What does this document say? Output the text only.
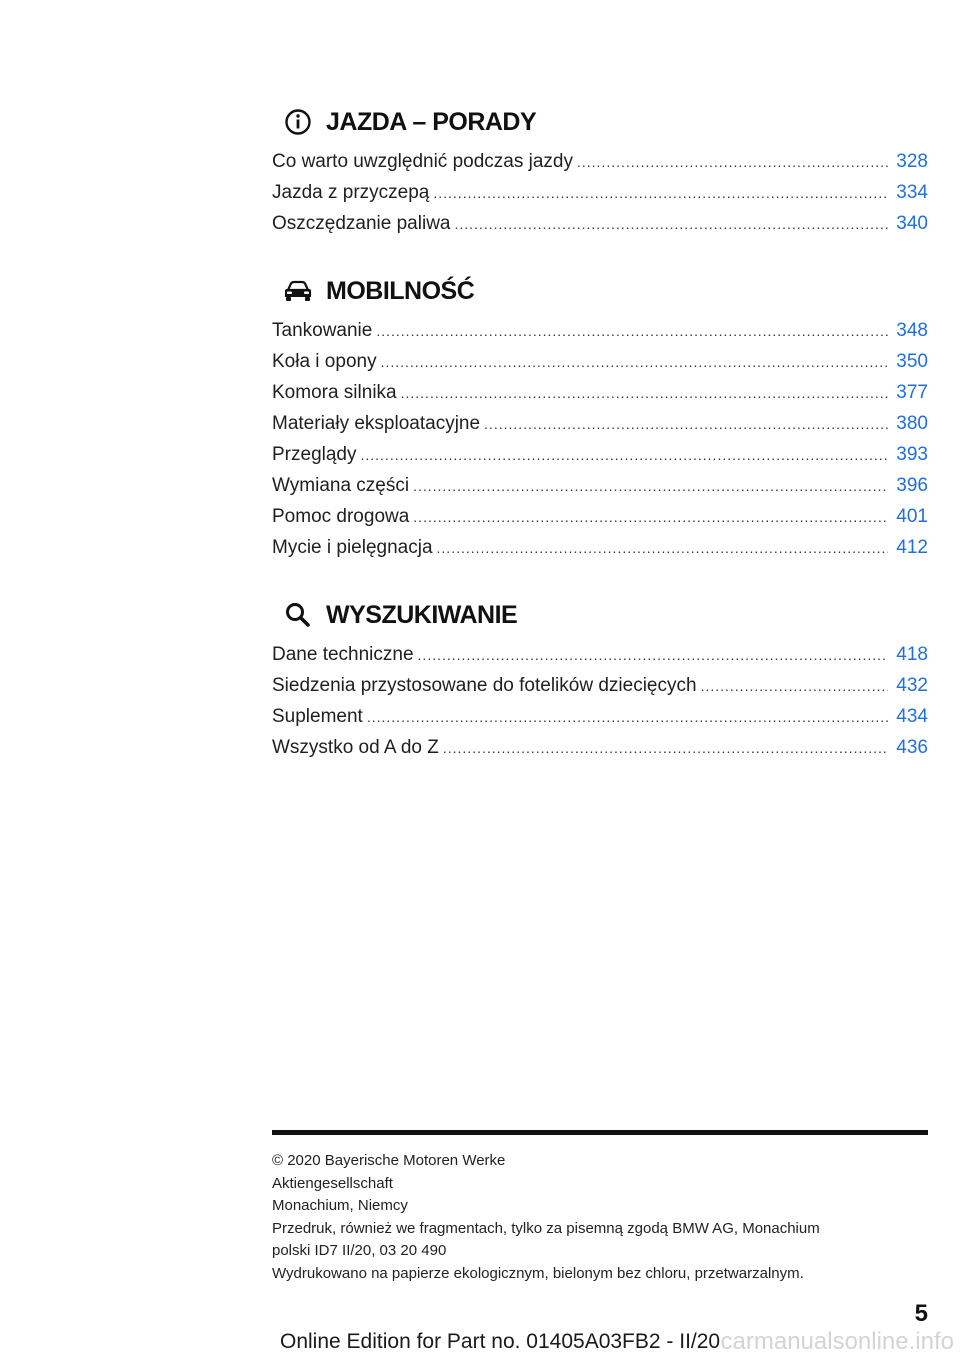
JAZDA – PORADY
Co warto uwzględnić podczas jazdy .....	328
Jazda z przyczepą .....	334
Oszczędzanie paliwa .....	340
MOBILNOŚĆ
Tankowanie .....	348
Koła i opony .....	350
Komora silnika .....	377
Materiały eksploatacyjne .....	380
Przeglądy .....	393
Wymiana części .....	396
Pomoc drogowa .....	401
Mycie i pielęgnacja .....	412
WYSZUKIWANIE
Dane techniczne .....	418
Siedzenia przystosowane do fotelików dziecięcych .....	432
Suplement .....	434
Wszystko od A do Z .....	436

© 2020 Bayerische Motoren Werke

Aktiengesellschaft

Monachium, Niemcy

Przedruk, również we fragmentach, tylko za pisemną zgodą BMW AG, Monachium

polski ID7 II/20, 03 20 490

Wydrukowano na papierze ekologicznym, bielonym bez chloru, przetwarzalnym.

5
Online Edition for Part no. 01405A03FB2 - II/20 carmanualsonline.info
